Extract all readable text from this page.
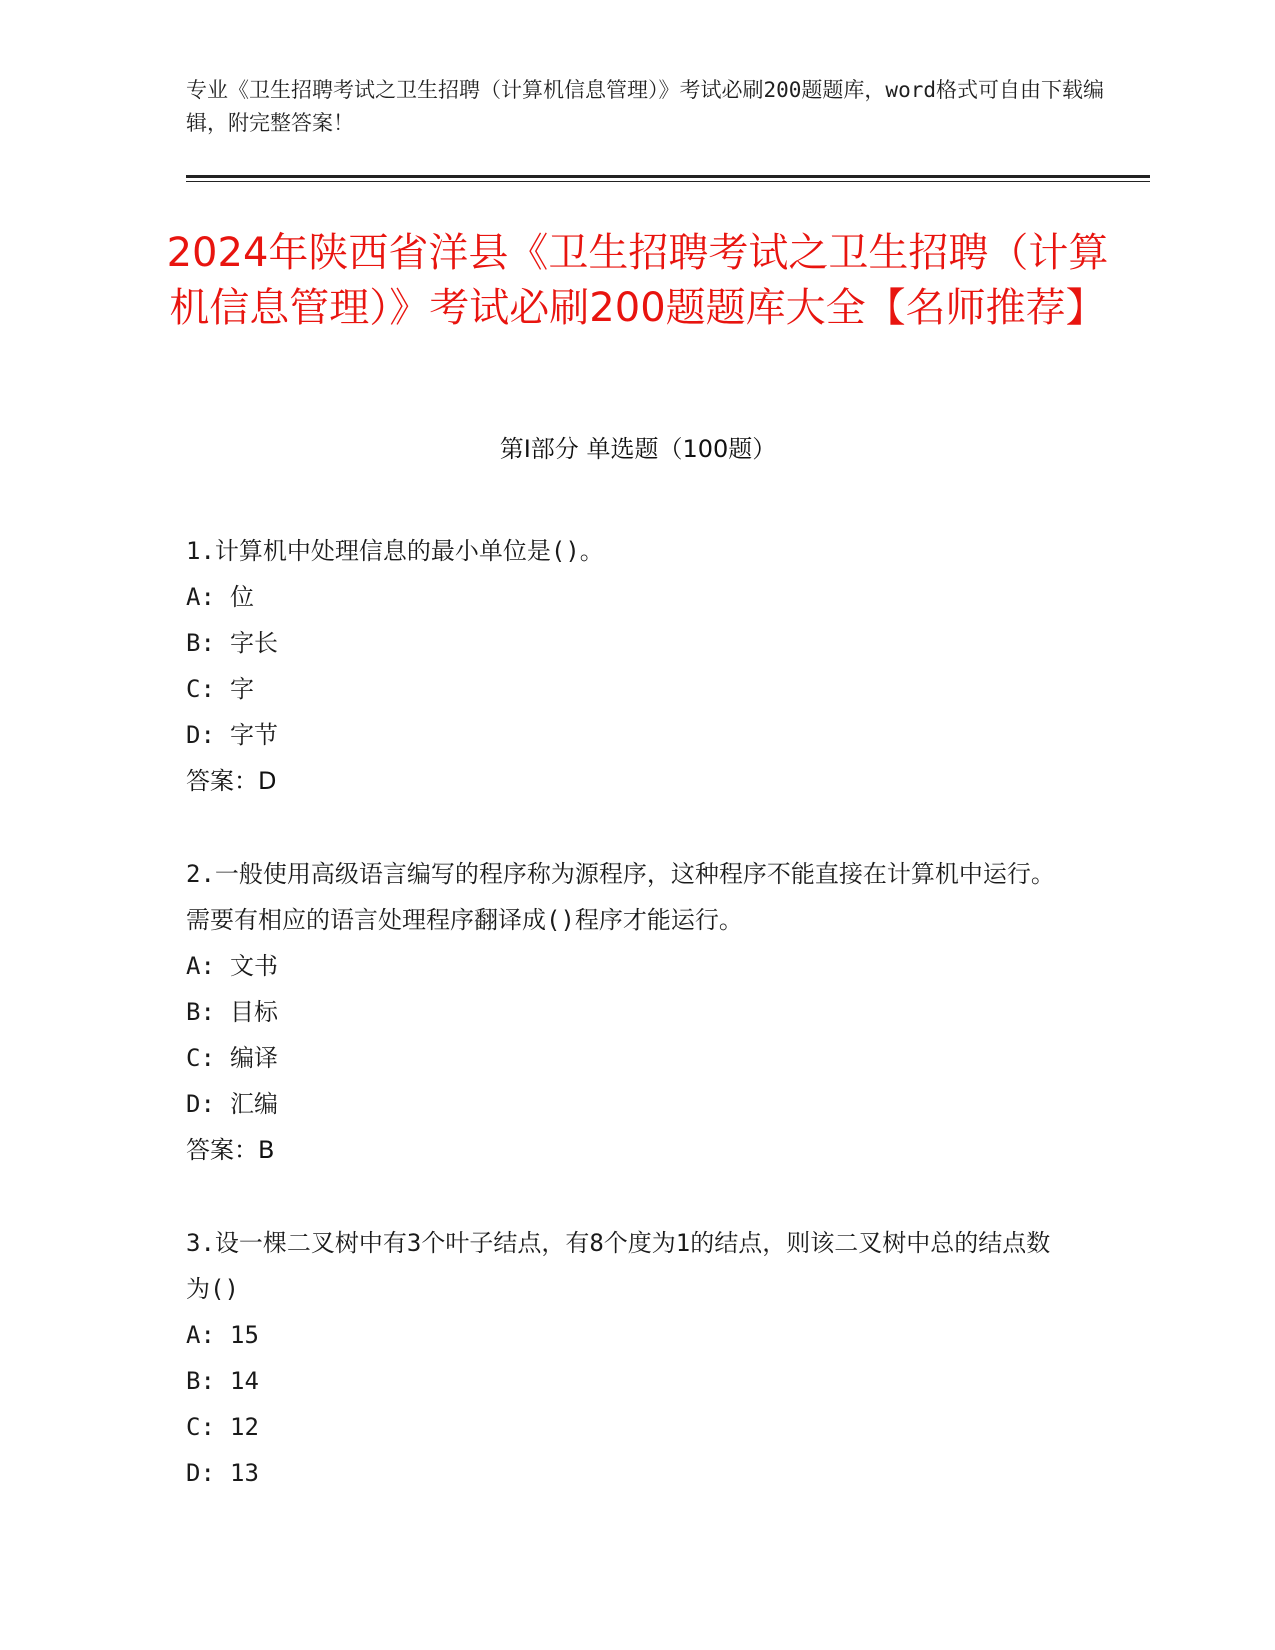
专业《卫生招聘考试之卫生招聘（计算机信息管理）》考试必刷200题题库，word格式可自由下载编辑，附完整答案！
2024年陕西省洋县《卫生招聘考试之卫生招聘（计算机信息管理）》考试必刷200题题库大全【名师推荐】
第Ⅰ部分 单选题（100题）
1.计算机中处理信息的最小单位是()。
A: 位
B: 字长
C: 字
D: 字节
答案：D
2.一般使用高级语言编写的程序称为源程序，这种程序不能直接在计算机中运行。需要有相应的语言处理程序翻译成()程序才能运行。
A: 文书
B: 目标
C: 编译
D: 汇编
答案：B
3.设一棵二叉树中有3个叶子结点，有8个度为1的结点，则该二叉树中总的结点数为()
A: 15
B: 14
C: 12
D: 13
